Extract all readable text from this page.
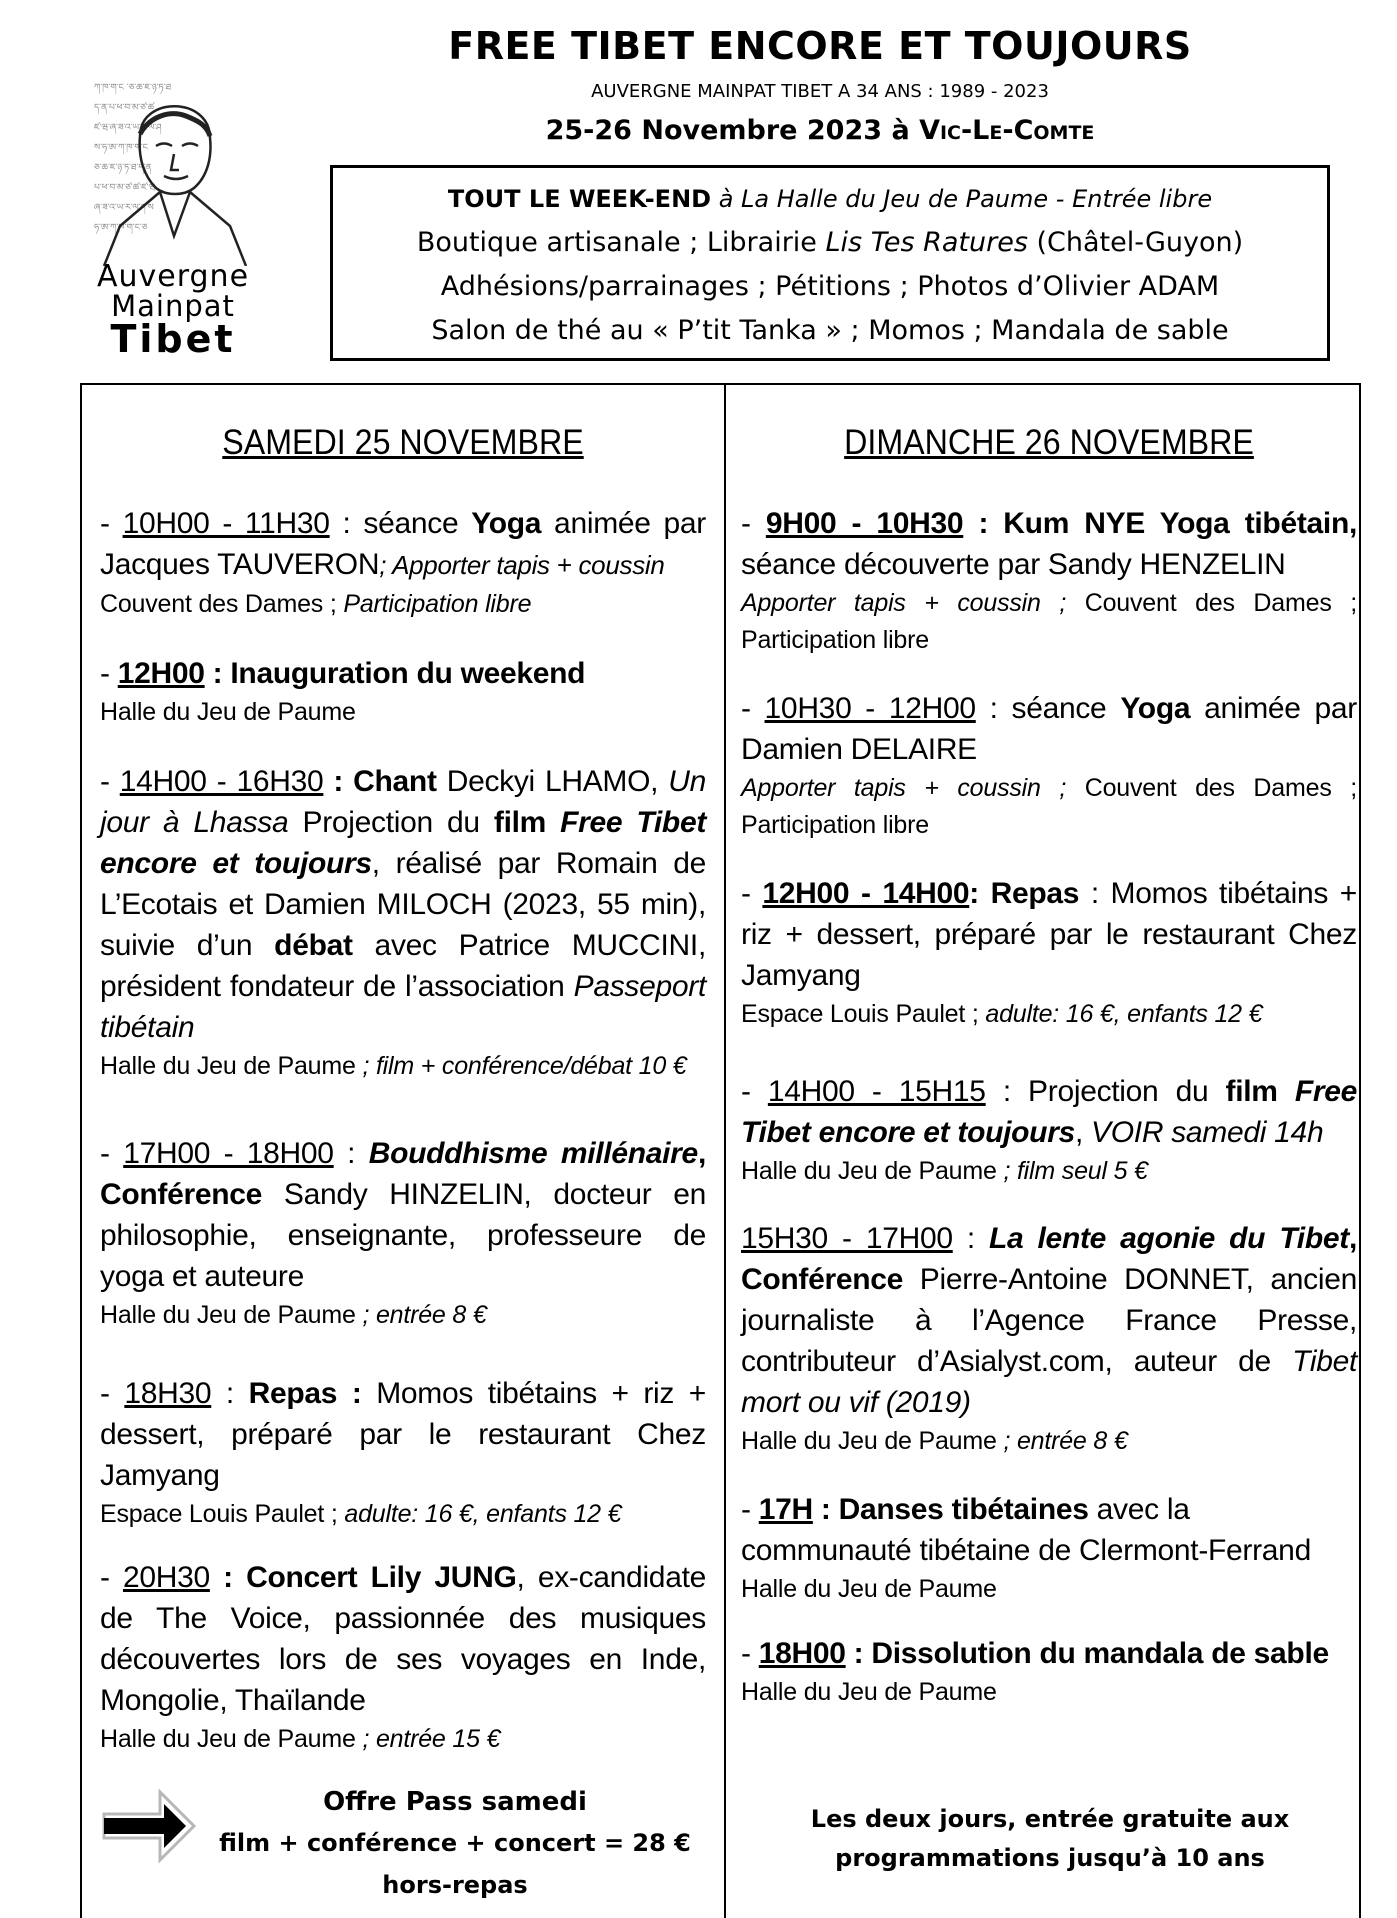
ཀ་ཁ་ག་ང ་ཅ་ཆ་ཇ་ཉ་ཏ་ཐ
ད་ན་པ་ཕ་བ་མ་ཙ་ཚ
ཛ་ཝ་ཞ་ཟ་འ་ཡ་ར་ལ་ཤ
ས་ཧ་ཨ་ཀ་ཁ་ག་ང
ཅ་ཆ་ཇ་ཉ་ཏ་ཐ་ད་ན
པ་ཕ་བ་མ་ཙ་ཚ་ཛ་ཝ
ཞ་ཟ་འ་ཡ་ར་ལ་ཤ་ས
ཧ་ཨ་ཀ་ཁ་ག་ང་ཅ
Auvergne
Mainpat
Tibet
FREE TIBET ENCORE ET TOUJOURS
AUVERGNE MAINPAT TIBET A 34 ANS : 1989 - 2023
25-26 Novembre 2023 à Vic-Le-Comte
TOUT LE WEEK-END à La Halle du Jeu de Paume - Entrée libre
Boutique artisanale ; Librairie Lis Tes Ratures (Châtel-Guyon)
Adhésions/parrainages ; Pétitions ; Photos d’Olivier ADAM
Salon de thé au « P’tit Tanka » ; Momos ; Mandala de sable
SAMEDI 25 NOVEMBRE
- 10H00 - 11H30 : séance Yoga animée par Jacques TAUVERON; Apporter tapis + coussin
Couvent des Dames ; Participation libre
- 12H00 : Inauguration du weekend
Halle du Jeu de Paume
- 14H00 - 16H30 : Chant Deckyi LHAMO, Un jour à Lhassa Projection du film Free Tibet encore et toujours, réalisé par Romain de L’Ecotais et Damien MILOCH (2023, 55 min), suivie d’un débat avec Patrice MUCCINI, président fondateur de l’association Passeport tibétain
Halle du Jeu de Paume ; film + conférence/débat 10 €
- 17H00 - 18H00 : Bouddhisme millénaire, Conférence Sandy HINZELIN, docteur en philosophie, enseignante, professeure de yoga et auteure
Halle du Jeu de Paume ; entrée 8 €
- 18H30 : Repas : Momos tibétains + riz + dessert, préparé par le restaurant Chez Jamyang
Espace Louis Paulet ; adulte: 16 €, enfants 12 €
- 20H30 : Concert Lily JUNG, ex-candidate de The Voice, passionnée des musiques découvertes lors de ses voyages en Inde, Mongolie, Thaïlande
Halle du Jeu de Paume ; entrée 15 €
DIMANCHE 26 NOVEMBRE
- 9H00 - 10H30 : Kum NYE Yoga tibétain, séance découverte par Sandy HENZELIN
Apporter tapis + coussin ; Couvent des Dames ; Participation libre
- 10H30 - 12H00 : séance Yoga animée par Damien DELAIRE
Apporter tapis + coussin ; Couvent des Dames ; Participation libre
- 12H00 - 14H00: Repas : Momos tibétains + riz + dessert, préparé par le restaurant Chez Jamyang
Espace Louis Paulet ; adulte: 16 €, enfants 12 €
- 14H00 - 15H15 : Projection du film Free Tibet encore et toujours, VOIR samedi 14h
Halle du Jeu de Paume ; film seul 5 €
15H30 - 17H00 : La lente agonie du Tibet, Conférence Pierre-Antoine DONNET, ancien journaliste à l’Agence France Presse, contributeur d’Asialyst.com, auteur de Tibet mort ou vif (2019)
Halle du Jeu de Paume ; entrée 8 €
- 17H : Danses tibétaines avec la communauté tibétaine de Clermont-Ferrand
Halle du Jeu de Paume
- 18H00 : Dissolution du mandala de sable
Halle du Jeu de Paume
Offre Pass samedi
film + conférence + concert = 28 €
hors-repas
Les deux jours, entrée gratuite aux
programmations jusqu’à 10 ans
